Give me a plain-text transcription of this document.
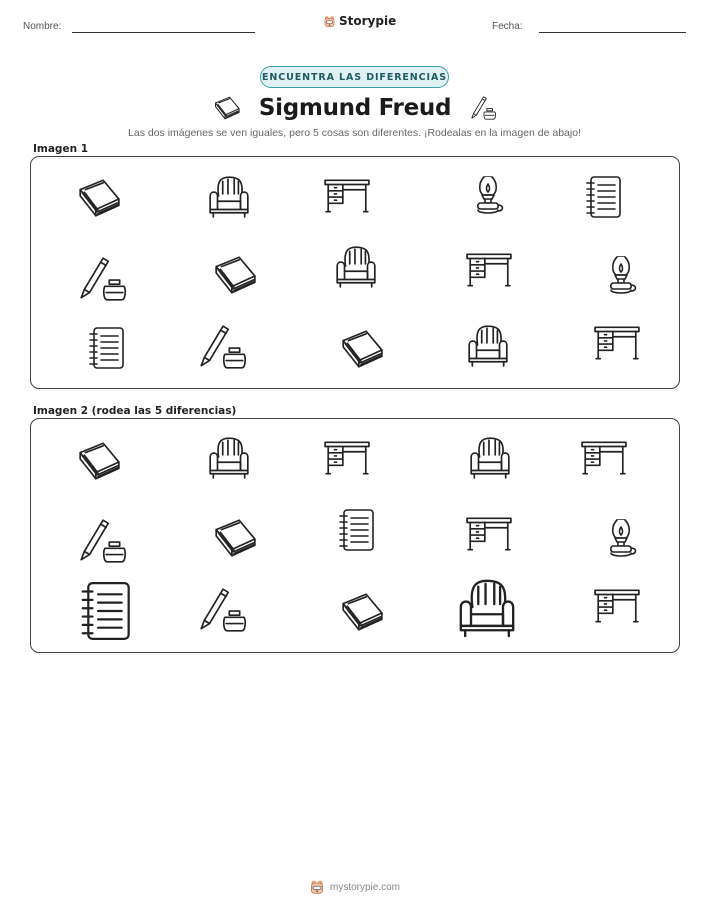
Nombre:	Storypie	Fecha:
ENCUENTRA LAS DIFERENCIAS
Sigmund Freud
Las dos imágenes se ven iguales, pero 5 cosas son diferentes. ¡Rodealas en la imagen de abajo!
Imagen 1
Imagen 2 (rodea las 5 diferencias)
mystorypie.com
